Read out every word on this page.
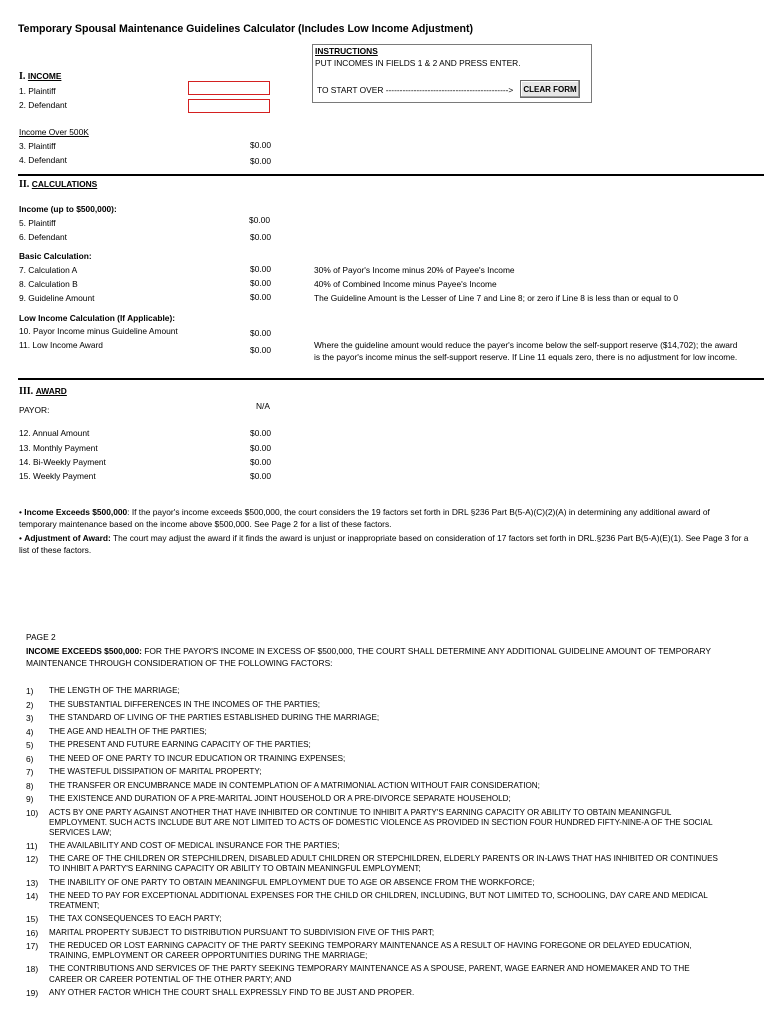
Temporary Spousal Maintenance Guidelines Calculator (Includes Low Income Adjustment)
INSTRUCTIONS
PUT INCOMES IN FIELDS 1 & 2 AND PRESS ENTER.
TO START OVER -------------------------------------------->	CLEAR FORM
I. INCOME
1. Plaintiff
2. Defendant
Income Over 500K
3. Plaintiff	$0.00
4. Defendant	$0.00
II. CALCULATIONS
Income (up to $500,000):
5. Plaintiff	$0.00
6. Defendant	$0.00
Basic Calculation:
7. Calculation A	$0.00	30% of Payor's Income minus 20% of Payee's Income
8. Calculation B	$0.00	40% of Combined Income minus Payee's Income
9. Guideline Amount	$0.00	The Guideline Amount is the Lesser of Line 7 and Line 8; or zero if Line 8 is less than or equal to 0
Low Income Calculation (If Applicable):
10. Payor Income minus Guideline Amount	$0.00
11. Low Income Award	$0.00	Where the guideline amount would reduce the payer's income below the self-support reserve ($14,702); the award is the payor's income minus the self-support reserve. If Line 11 equals zero, there is no adjustment for low income.
III. AWARD
PAYOR:	N/A
12. Annual Amount	$0.00
13. Monthly Payment	$0.00
14. Bi-Weekly Payment	$0.00
15. Weekly Payment	$0.00
• Income Exceeds $500,000: If the payor's income exceeds $500,000, the court considers the 19 factors set forth in DRL §236 Part B(5-A)(C)(2)(A) in determining any additional award of temporary maintenance based on the income above $500,000. See Page 2 for a list of these factors.
• Adjustment of Award: The court may adjust the award if it finds the award is unjust or inappropriate based on consideration of 17 factors set forth in DRL.§236 Part B(5-A)(E)(1). See Page 3 for a list of these factors.
PAGE 2
INCOME EXCEEDS $500,000: FOR THE PAYOR'S INCOME IN EXCESS OF $500,000, THE COURT SHALL DETERMINE ANY ADDITIONAL GUIDELINE AMOUNT OF TEMPORARY MAINTENANCE THROUGH CONSIDERATION OF THE FOLLOWING FACTORS:
1)	THE LENGTH OF THE MARRIAGE;
2)	THE SUBSTANTIAL DIFFERENCES IN THE INCOMES OF THE PARTIES;
3)	THE STANDARD OF LIVING OF THE PARTIES ESTABLISHED DURING THE MARRIAGE;
4)	THE AGE AND HEALTH OF THE PARTIES;
5)	THE PRESENT AND FUTURE EARNING CAPACITY OF THE PARTIES;
6)	THE NEED OF ONE PARTY TO INCUR EDUCATION OR TRAINING EXPENSES;
7)	THE WASTEFUL DISSIPATION OF MARITAL PROPERTY;
8)	THE TRANSFER OR ENCUMBRANCE MADE IN CONTEMPLATION OF A MATRIMONIAL ACTION WITHOUT FAIR CONSIDERATION;
9)	THE EXISTENCE AND DURATION OF A PRE-MARITAL JOINT HOUSEHOLD OR A PRE-DIVORCE SEPARATE HOUSEHOLD;
10)	ACTS BY ONE PARTY AGAINST ANOTHER THAT HAVE INHIBITED OR CONTINUE TO INHIBIT A PARTY'S EARNING CAPACITY OR ABILITY TO OBTAIN MEANINGFUL EMPLOYMENT. SUCH ACTS INCLUDE BUT ARE NOT LIMITED TO ACTS OF DOMESTIC VIOLENCE AS PROVIDED IN SECTION FOUR HUNDRED FIFTY-NINE-A OF THE SOCIAL SERVICES LAW;
11)	THE AVAILABILITY AND COST OF MEDICAL INSURANCE FOR THE PARTIES;
12)	THE CARE OF THE CHILDREN OR STEPCHILDREN, DISABLED ADULT CHILDREN OR STEPCHILDREN, ELDERLY PARENTS OR IN-LAWS THAT HAS INHIBITED OR CONTINUES TO INHIBIT A PARTY'S EARNING CAPACITY OR ABILITY TO OBTAIN MEANINGFUL EMPLOYMENT;
13)	THE INABILITY OF ONE PARTY TO OBTAIN MEANINGFUL EMPLOYMENT DUE TO AGE OR ABSENCE FROM THE WORKFORCE;
14)	THE NEED TO PAY FOR EXCEPTIONAL ADDITIONAL EXPENSES FOR THE CHILD OR CHILDREN, INCLUDING, BUT NOT LIMITED TO, SCHOOLING, DAY CARE AND MEDICAL TREATMENT;
15)	THE TAX CONSEQUENCES TO EACH PARTY;
16)	MARITAL PROPERTY SUBJECT TO DISTRIBUTION PURSUANT TO SUBDIVISION FIVE OF THIS PART;
17)	THE REDUCED OR LOST EARNING CAPACITY OF THE PARTY SEEKING TEMPORARY MAINTENANCE AS A RESULT OF HAVING FOREGONE OR DELAYED EDUCATION, TRAINING, EMPLOYMENT OR CAREER OPPORTUNITIES DURING THE MARRIAGE;
18)	THE CONTRIBUTIONS AND SERVICES OF THE PARTY SEEKING TEMPORARY MAINTENANCE AS A SPOUSE, PARENT, WAGE EARNER AND HOMEMAKER AND TO THE CAREER OR CAREER POTENTIAL OF THE OTHER PARTY; AND
19)	ANY OTHER FACTOR WHICH THE COURT SHALL EXPRESSLY FIND TO BE JUST AND PROPER.
